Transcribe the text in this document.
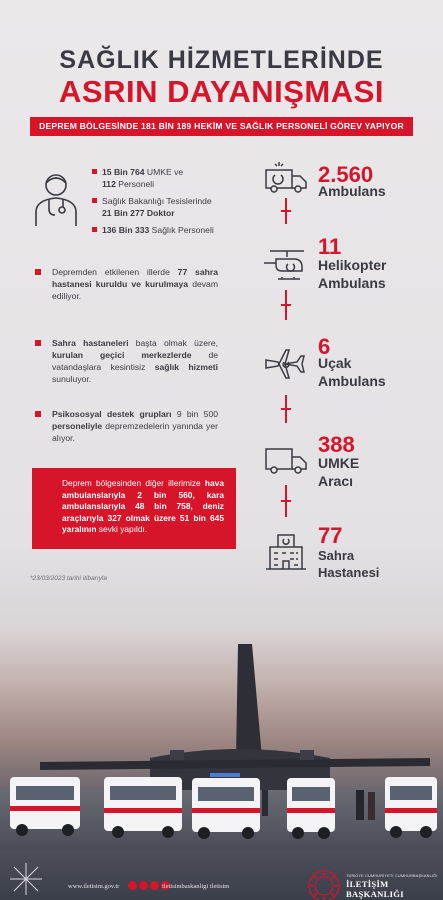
SAĞLIK HİZMETLERİNDE
ASRIN DAYANIŞMASI
DEPREM BÖLGESİNDE 181 BİN 189 HEKİM VE SAĞLIK PERSONELİ GÖREV YAPIYOR
15 Bin 764 UMKE ve
112 Personeli
Sağlık Bakanlığı Tesislerinde
21 Bin 277 Doktor
136 Bin 333 Sağlık Personeli
Depremden etkilenen illerde 77 sahra hastanesi kuruldu ve kurulmaya devam ediliyor.
Sahra hastaneleri başta olmak üzere, kurulan geçici merkezlerde de vatandaşlara kesintisiz sağlık hizmeti sunuluyor.
Psikososyal destek grupları 9 bin 500 personeliyle depremzedelerin yanında yer alıyor.
Deprem bölgesinden diğer illerimize hava ambulanslarıyla 2 bin 560, kara ambulanslarıyla 48 bin 758, deniz araçlarıyla 327 olmak üzere 51 bin 645 yaralının sevki yapıldı.
*23/03/2023 tarihi itibarıyla
2.560
Ambulans
11
Helikopter
Ambulans
6
Uçak
Ambulans
388
UMKE
Aracı
77
Sahra
Hastanesi
www.iletisim.gov.tr	iletisimbaskanligi iletisim
TÜRKİYE CUMHURİYETİ CUMHURBAŞKANLIĞI
İLETİŞİM BAŞKANLIĞI
